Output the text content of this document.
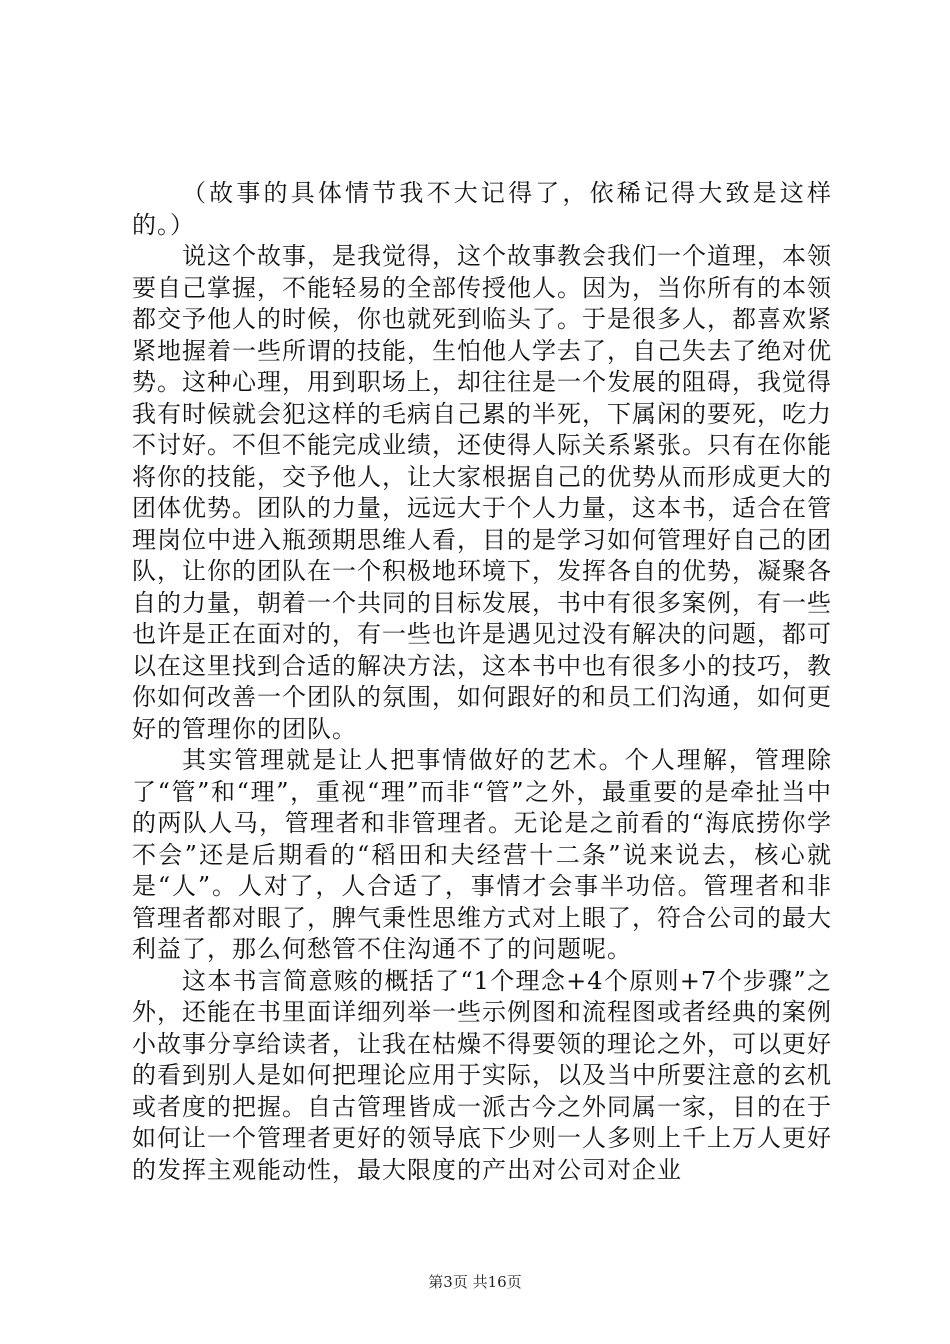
（故事的具体情节我不大记得了，依稀记得大致是这样的。）

说这个故事，是我觉得，这个故事教会我们一个道理，本领要自己掌握，不能轻易的全部传授他人。因为，当你所有的本领都交予他人的时候，你也就死到临头了。于是很多人，都喜欢紧紧地握着一些所谓的技能，生怕他人学去了，自己失去了绝对优势。这种心理，用到职场上，却往往是一个发展的阻碍，我觉得我有时候就会犯这样的毛病自己累的半死，下属闲的要死，吃力不讨好。不但不能完成业绩，还使得人际关系紧张。只有在你能将你的技能，交予他人，让大家根据自己的优势从而形成更大的团体优势。团队的力量，远远大于个人力量，这本书，适合在管理岗位中进入瓶颈期思维人看，目的是学习如何管理好自己的团队，让你的团队在一个积极地环境下，发挥各自的优势，凝聚各自的力量，朝着一个共同的目标发展，书中有很多案例，有一些也许是正在面对的，有一些也许是遇见过没有解决的问题，都可以在这里找到合适的解决方法，这本书中也有很多小的技巧，教你如何改善一个团队的氛围，如何跟好的和员工们沟通，如何更好的管理你的团队。

其实管理就是让人把事情做好的艺术。个人理解，管理除了“管”和“理”，重视“理”而非“管”之外，最重要的是牵扯当中的两队人马，管理者和非管理者。无论是之前看的“海底捞你学不会”还是后期看的“稻田和夫经营十二条”说来说去，核心就是“人”。人对了，人合适了，事情才会事半功倍。管理者和非管理者都对眼了，脾气秉性思维方式对上眼了，符合公司的最大利益了，那么何愁管不住沟通不了的问题呢。

这本书言简意赅的概括了“1个理念+4个原则+7个步骤”之外，还能在书里面详细列举一些示例图和流程图或者经典的案例小故事分享给读者，让我在枯燥不得要领的理论之外，可以更好的看到别人是如何把理论应用于实际，以及当中所要注意的玄机或者度的把握。自古管理皆成一派古今之外同属一家，目的在于如何让一个管理者更好的领导底下少则一人多则上千上万人更好的发挥主观能动性，最大限度的产出对公司对企业

第3页 共16页
